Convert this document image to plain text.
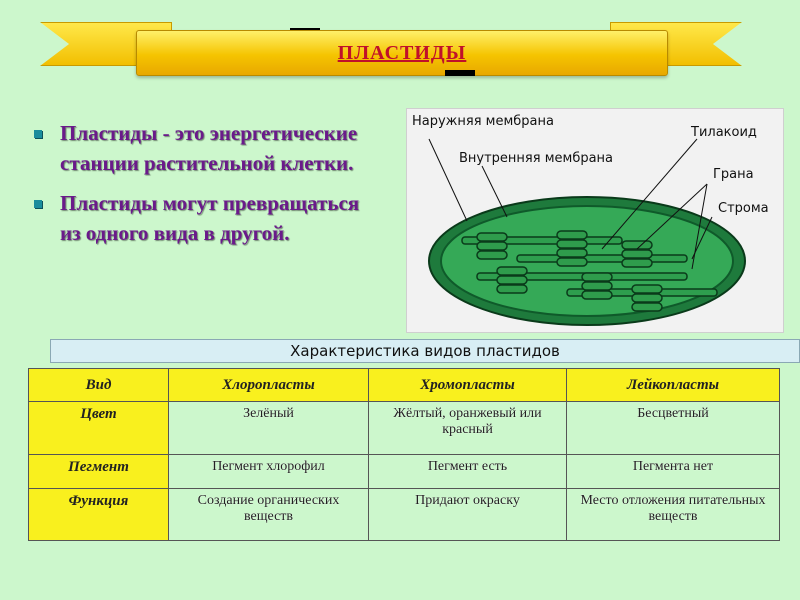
ПЛАСТИДЫ
Пластиды - это энергетические станции растительной клетки.
Пластиды могут превращаться из одного вида в другой.
Наружняя мембрана
Тилакоид
Внутренняя мембрана
Грана
Строма
Характеристика видов пластидов
Вид	Хлоропласты	Хромопласты	Лейкопласты
Цвет	Зелёный	Жёлтый, оранжевый или красный	Бесцветный
Пегмент	Пегмент хлорофил	Пегмент есть	Пегмента нет
Функция	Создание органических веществ	Придают окраску	Место отложения питательных веществ
